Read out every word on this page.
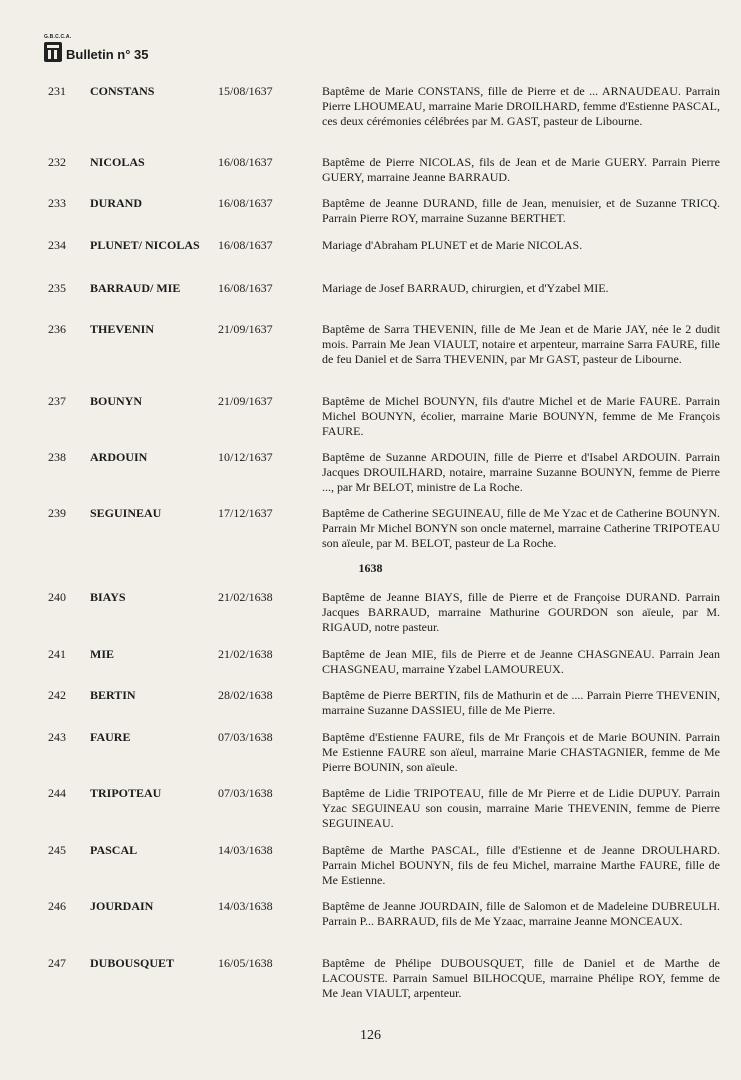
G.B.C.C.A.
Bulletin n° 35
231	CONSTANS	15/08/1637	Baptême de Marie CONSTANS, fille de Pierre et de ... ARNAUDEAU. Parrain Pierre LHOUMEAU, marraine Marie DROILHARD, femme d'Estienne PASCAL, ces deux cérémonies célébrées par M. GAST, pasteur de Libourne.
232	NICOLAS	16/08/1637	Baptême de Pierre NICOLAS, fils de Jean et de Marie GUERY. Parrain Pierre GUERY, marraine Jeanne BARRAUD.
233	DURAND	16/08/1637	Baptême de Jeanne DURAND, fille de Jean, menuisier, et de Suzanne TRICQ. Parrain Pierre ROY, marraine Suzanne BERTHET.
234	PLUNET/ NICOLAS	16/08/1637	Mariage d'Abraham PLUNET et de Marie NICOLAS.
235	BARRAUD/ MIE	16/08/1637	Mariage de Josef BARRAUD, chirurgien, et d'Yzabel MIE.
236	THEVENIN	21/09/1637	Baptême de Sarra THEVENIN, fille de Me Jean et de Marie JAY, née le 2 dudit mois. Parrain Me Jean VIAULT, notaire et arpenteur, marraine Sarra FAURE, fille de feu Daniel et de Sarra THEVENIN, par Mr GAST, pasteur de Libourne.
237	BOUNYN	21/09/1637	Baptême de Michel BOUNYN, fils d'autre Michel et de Marie FAURE. Parrain Michel BOUNYN, écolier, marraine Marie BOUNYN, femme de Me François FAURE.
238	ARDOUIN	10/12/1637	Baptême de Suzanne ARDOUIN, fille de Pierre et d'Isabel ARDOUIN. Parrain Jacques DROUILHARD, notaire, marraine Suzanne BOUNYN, femme de Pierre ..., par Mr BELOT, ministre de La Roche.
239	SEGUINEAU	17/12/1637	Baptême de Catherine SEGUINEAU, fille de Me Yzac et de Catherine BOUNYN. Parrain Mr Michel BONYN son oncle maternel, marraine Catherine TRIPOTEAU son aïeule, par M. BELOT, pasteur de La Roche.
1638
240	BIAYS	21/02/1638	Baptême de Jeanne BIAYS, fille de Pierre et de Françoise DURAND. Parrain Jacques BARRAUD, marraine Mathurine GOURDON son aïeule, par M. RIGAUD, notre pasteur.
241	MIE	21/02/1638	Baptême de Jean MIE, fils de Pierre et de Jeanne CHASGNEAU. Parrain Jean CHASGNEAU, marraine Yzabel LAMOUREUX.
242	BERTIN	28/02/1638	Baptême de Pierre BERTIN, fils de Mathurin et de .... Parrain Pierre THEVENIN, marraine Suzanne DASSIEU, fille de Me Pierre.
243	FAURE	07/03/1638	Baptême d'Estienne FAURE, fils de Mr François et de Marie BOUNIN. Parrain Me Estienne FAURE son aïeul, marraine Marie CHASTAGNIER, femme de Me Pierre BOUNIN, son aïeule.
244	TRIPOTEAU	07/03/1638	Baptême de Lidie TRIPOTEAU, fille de Mr Pierre et de Lidie DUPUY. Parrain Yzac SEGUINEAU son cousin, marraine Marie THEVENIN, femme de Pierre SEGUINEAU.
245	PASCAL	14/03/1638	Baptême de Marthe PASCAL, fille d'Estienne et de Jeanne DROULHARD. Parrain Michel BOUNYN, fils de feu Michel, marraine Marthe FAURE, fille de Me Estienne.
246	JOURDAIN	14/03/1638	Baptême de Jeanne JOURDAIN, fille de Salomon et de Madeleine DUBREULH. Parrain P... BARRAUD, fils de Me Yzaac, marraine Jeanne MONCEAUX.
247	DUBOUSQUET	16/05/1638	Baptême de Phélipe DUBOUSQUET, fille de Daniel et de Marthe de LACOUSTE. Parrain Samuel BILHOCQUE, marraine Phélipe ROY, femme de Me Jean VIAULT, arpenteur.
126
